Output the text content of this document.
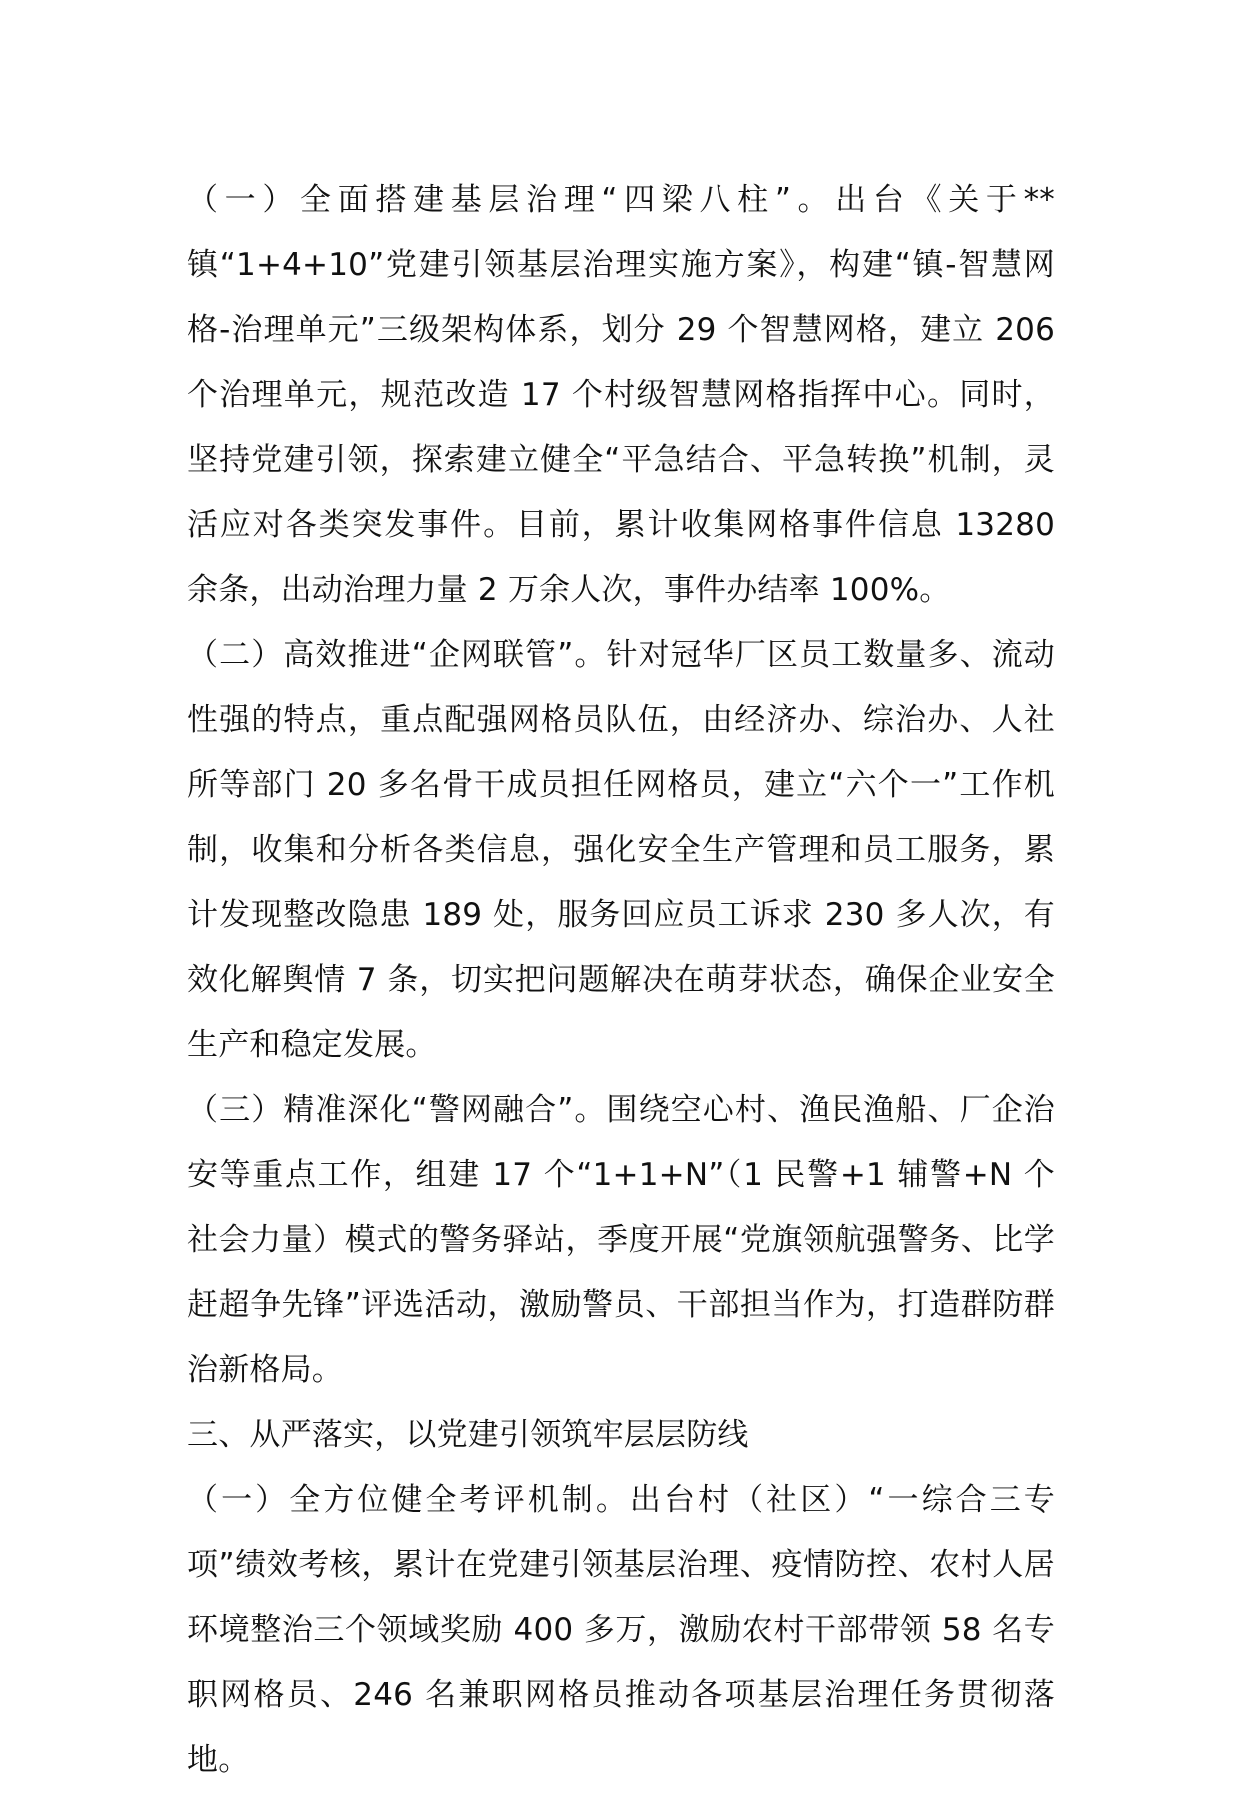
（一）全面搭建基层治理“四梁八柱”。出台《关于**镇“1+4+10”党建引领基层治理实施方案》，构建“镇-智慧网格-治理单元”三级架构体系，划分 29 个智慧网格，建立 206 个治理单元，规范改造 17 个村级智慧网格指挥中心。同时，坚持党建引领，探索建立健全“平急结合、平急转换”机制，灵活应对各类突发事件。目前，累计收集网格事件信息 13280 余条，出动治理力量 2 万余人次，事件办结率 100%。

（二）高效推进“企网联管”。针对冠华厂区员工数量多、流动性强的特点，重点配强网格员队伍，由经济办、综治办、人社所等部门 20 多名骨干成员担任网格员，建立“六个一”工作机制，收集和分析各类信息，强化安全生产管理和员工服务，累计发现整改隐患 189 处，服务回应员工诉求 230 多人次，有效化解舆情 7 条，切实把问题解决在萌芽状态，确保企业安全生产和稳定发展。

（三）精准深化“警网融合”。围绕空心村、渔民渔船、厂企治安等重点工作，组建 17 个“1+1+N”（1 民警+1 辅警+N 个社会力量）模式的警务驿站，季度开展“党旗领航强警务、比学赶超争先锋”评选活动，激励警员、干部担当作为，打造群防群治新格局。

三、从严落实，以党建引领筑牢层层防线

（一）全方位健全考评机制。出台村（社区）“一综合三专项”绩效考核，累计在党建引领基层治理、疫情防控、农村人居环境整治三个领域奖励 400 多万，激励农村干部带领 58 名专职网格员、246 名兼职网格员推动各项基层治理任务贯彻落地。
